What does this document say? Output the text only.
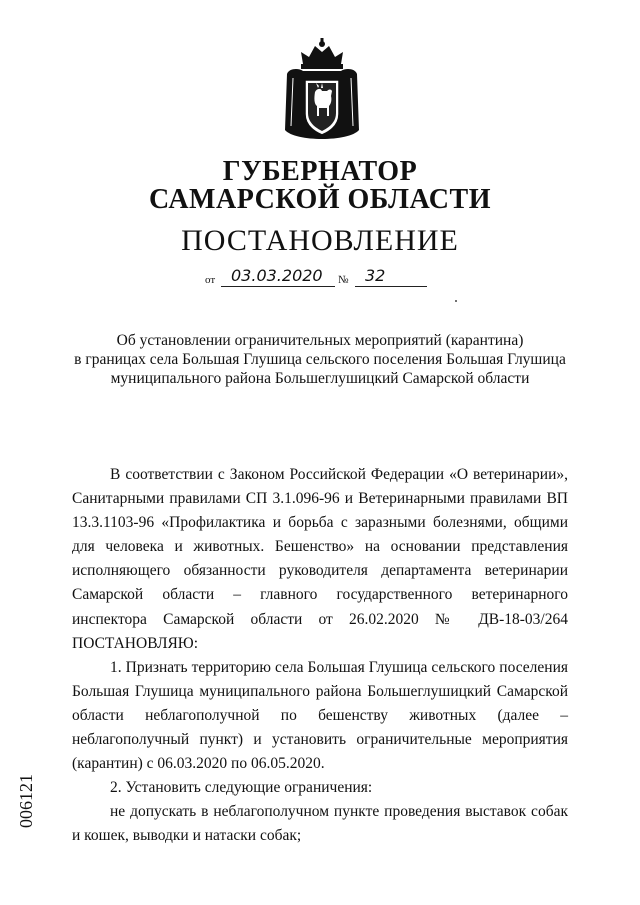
ГУБЕРНАТОР
САМАРСКОЙ ОБЛАСТИ
ПОСТАНОВЛЕНИЕ
от 03.03.2020 № 32
Об установлении ограничительных мероприятий (карантина)
в границах села Большая Глушица сельского поселения Большая Глушица
муниципального района Большеглушицкий Самарской области

В соответствии с Законом Российской Федерации «О ветеринарии», Санитарными правилами СП 3.1.096-96 и Ветеринарными правилами ВП 13.3.1103-96 «Профилактика и борьба с заразными болезнями, общими для человека и животных. Бешенство» на основании представления исполняющего обязанности руководителя департамента ветеринарии Самарской области – главного государственного ветеринарного инспектора Самарской области от 26.02.2020 № ДВ-18-03/264 ПОСТАНОВЛЯЮ:

1. Признать территорию села Большая Глушица сельского поселения Большая Глушица муниципального района Большеглушицкий Самарской области неблагополучной по бешенству животных (далее – неблагополучный пункт) и установить ограничительные мероприятия (карантин) с 06.03.2020 по 06.05.2020.

2. Установить следующие ограничения:

не допускать в неблагополучном пункте проведения выставок собак и кошек, выводки и натаски собак;

006121
